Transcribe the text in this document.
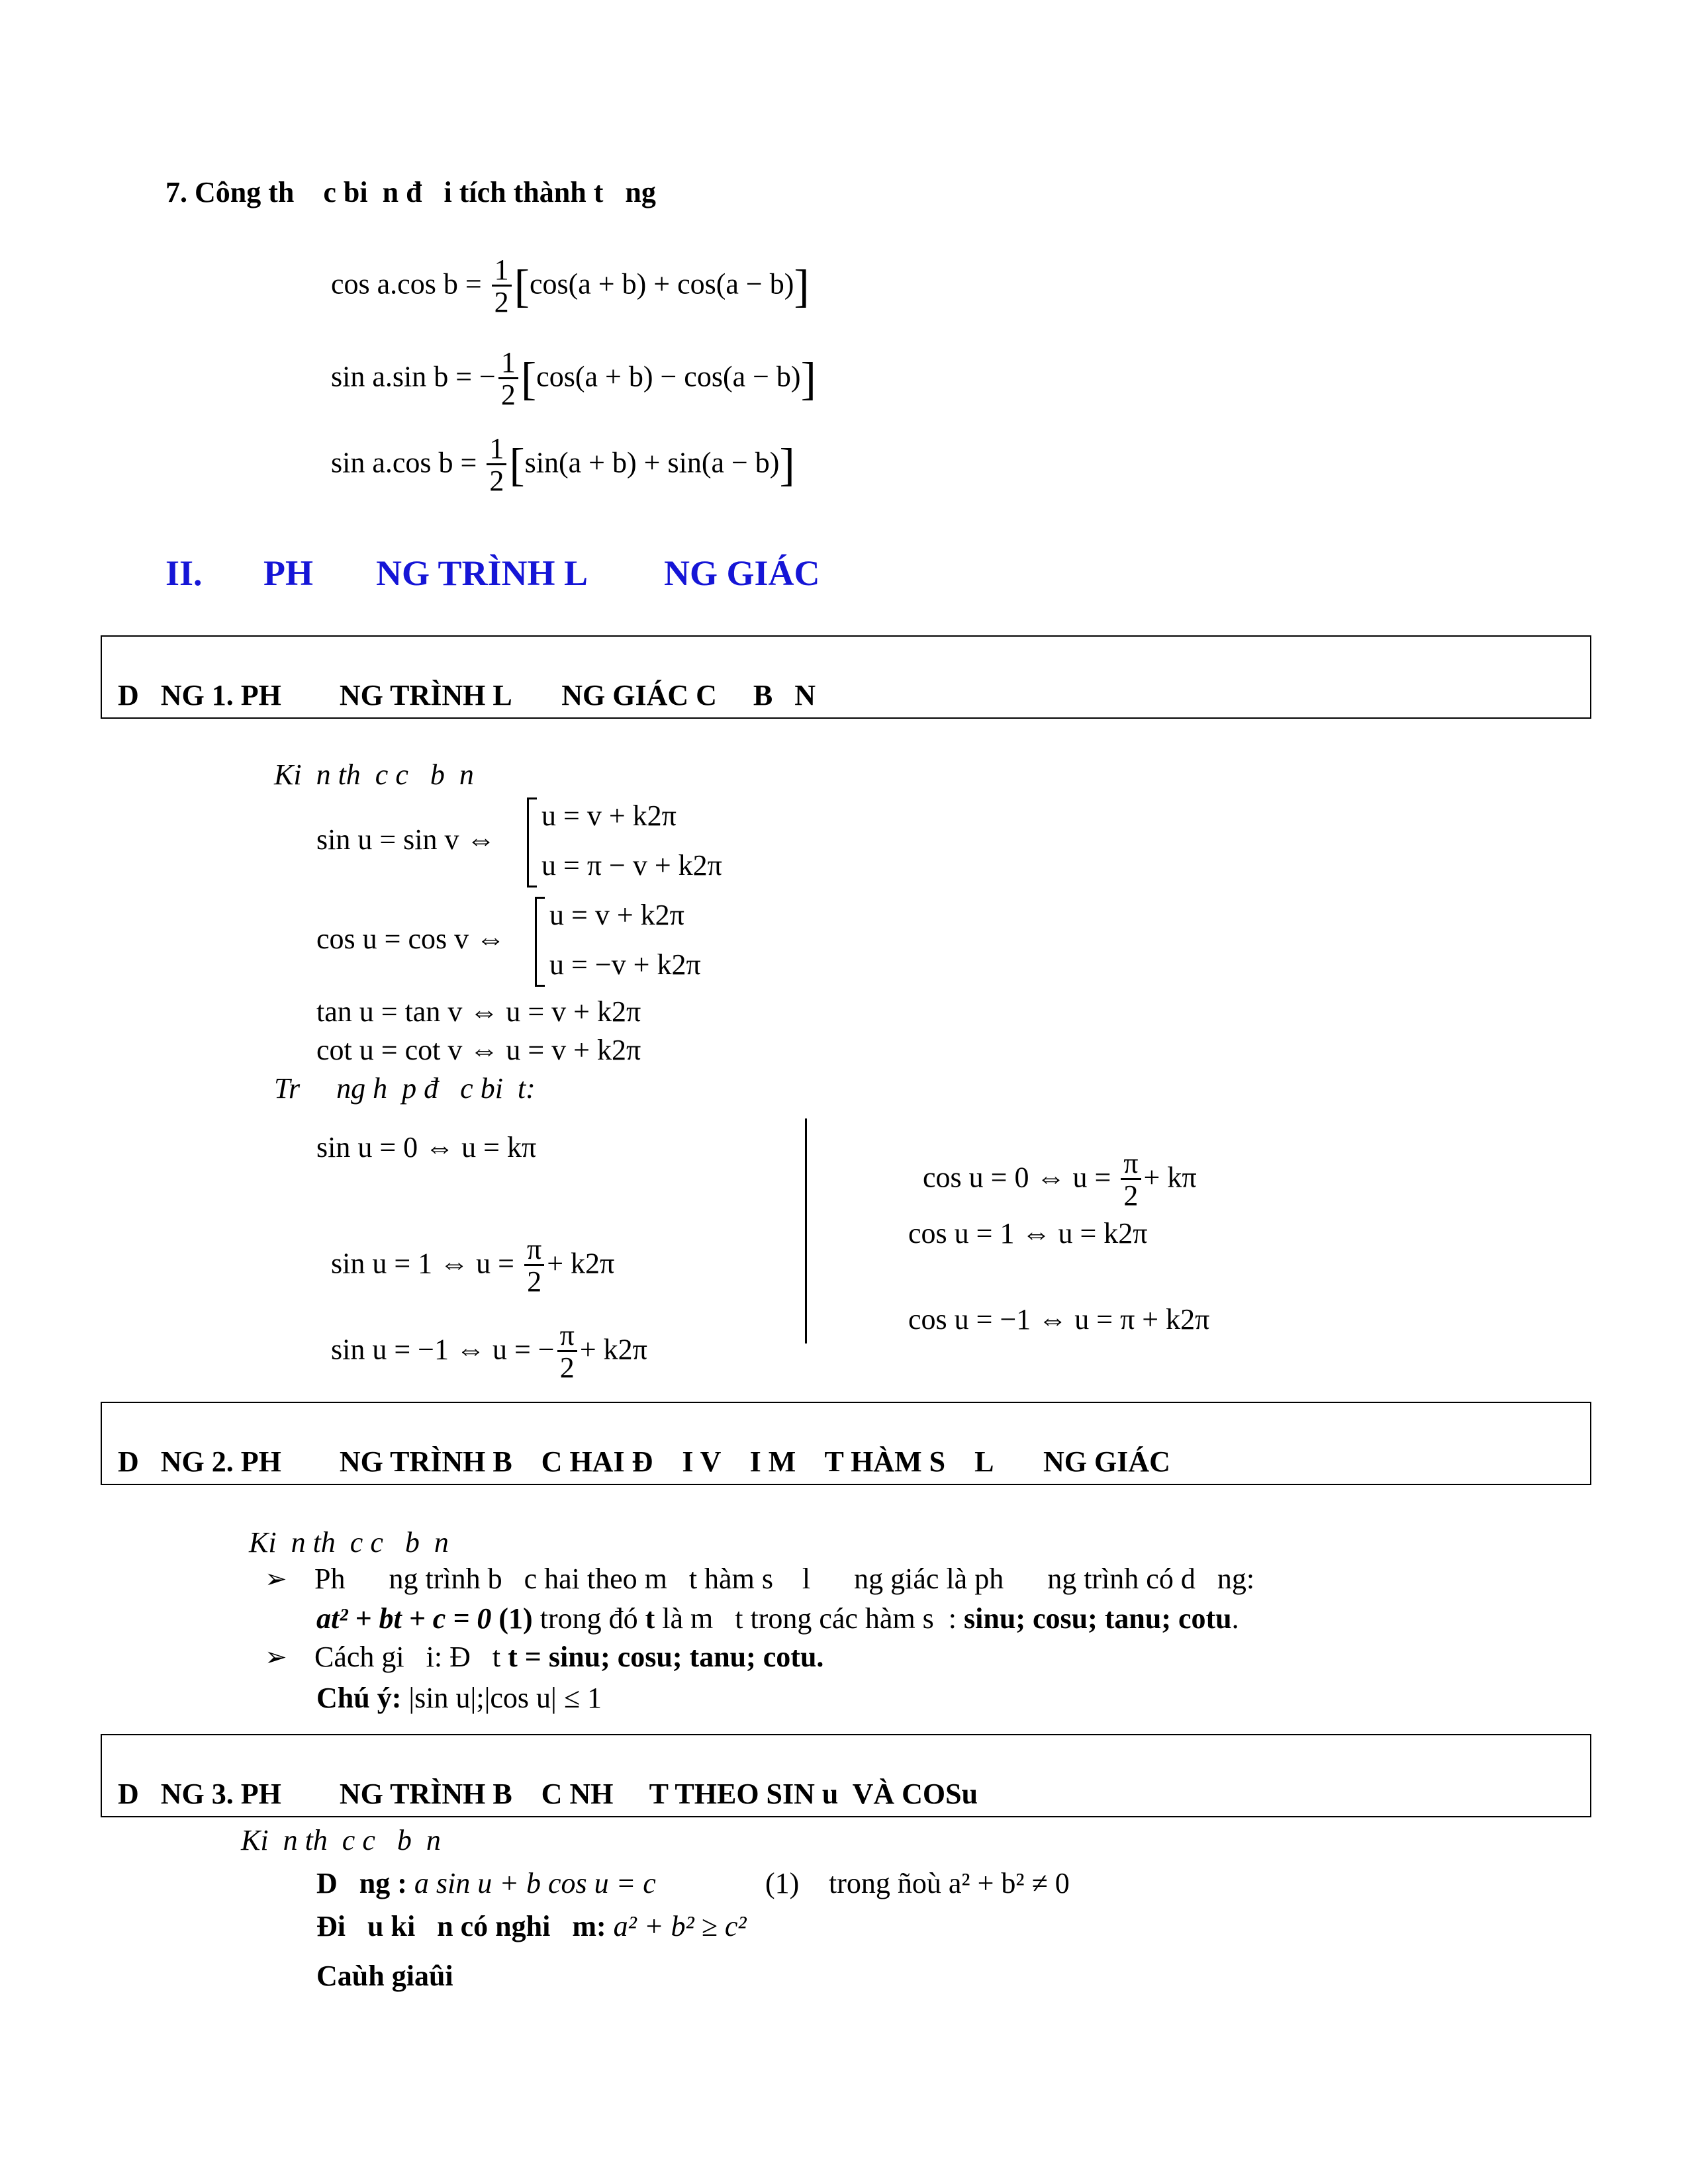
7. Công th    c bi  n đ   i tích thành t   ng

cos a.cos $b = \frac{1}{2} [\cos(a + b) + \cos(a - b)]$

sin a.sin b = − $\frac{1}{2} [\cos(a + b) - \cos(a - b)]$

sin a.cos $b = \frac{1}{2} [\sin(a + b) + \sin(a - b)]$

II. PH NG TRÌNH L NG GIÁC
D   NG 1. PH        NG TRÌNH L       NG GIÁC C     B   N
Ki  n th  c c   b  n
sin u = sin v ⇔
u = v + k2π
u = π − v + k2π
cos u = cos v ⇔
u = v + k2π
u = −v + k2π
tan u = tan v ⇔ u = v + k2π
cot u = cot v ⇔ u = v + k2π
Tr     ng h  p đ   c bi  t:
sin u = 0 ⇔ u = kπ

sin u = 1 ⇔ $u = \frac{\pi}{2} + k2\pi$

sin u = −1 ⇔ u = − $\frac{\pi}{2} + k2\pi$

cos u = 0 ⇔ $u = \frac{\pi}{2} + k\pi$

cos u = 1 ⇔ u = k2π
cos u = −1 ⇔ u = π + k2π
D   NG 2. PH        NG TRÌNH B    C HAI Đ    I V    I M    T HÀM S    L       NG GIÁC
Ki  n th  c c   b  n
➢ Ph      ng trình b   c hai theo m   t hàm s    l      ng giác là ph      ng trình có d   ng:
at² + bt + c = 0 (1) trong đó t là m   t trong các hàm s  : sinu; cosu; tanu; cotu.
➢ Cách gi   i: Đ   t t = sinu; cosu; tanu; cotu.
Chú ý: |sin u|;|cos u| ≤ 1
D   NG 3. PH        NG TRÌNH B    C NH     T THEO SIN u  VÀ COSu
Ki  n th  c c   b  n
D   ng : a sin u + b cos u = c	(1) trong ñoù a² + b² ≠ 0
Đi   u ki   n có nghi   m: a² + b² ≥ c²
Caùh giaûi
